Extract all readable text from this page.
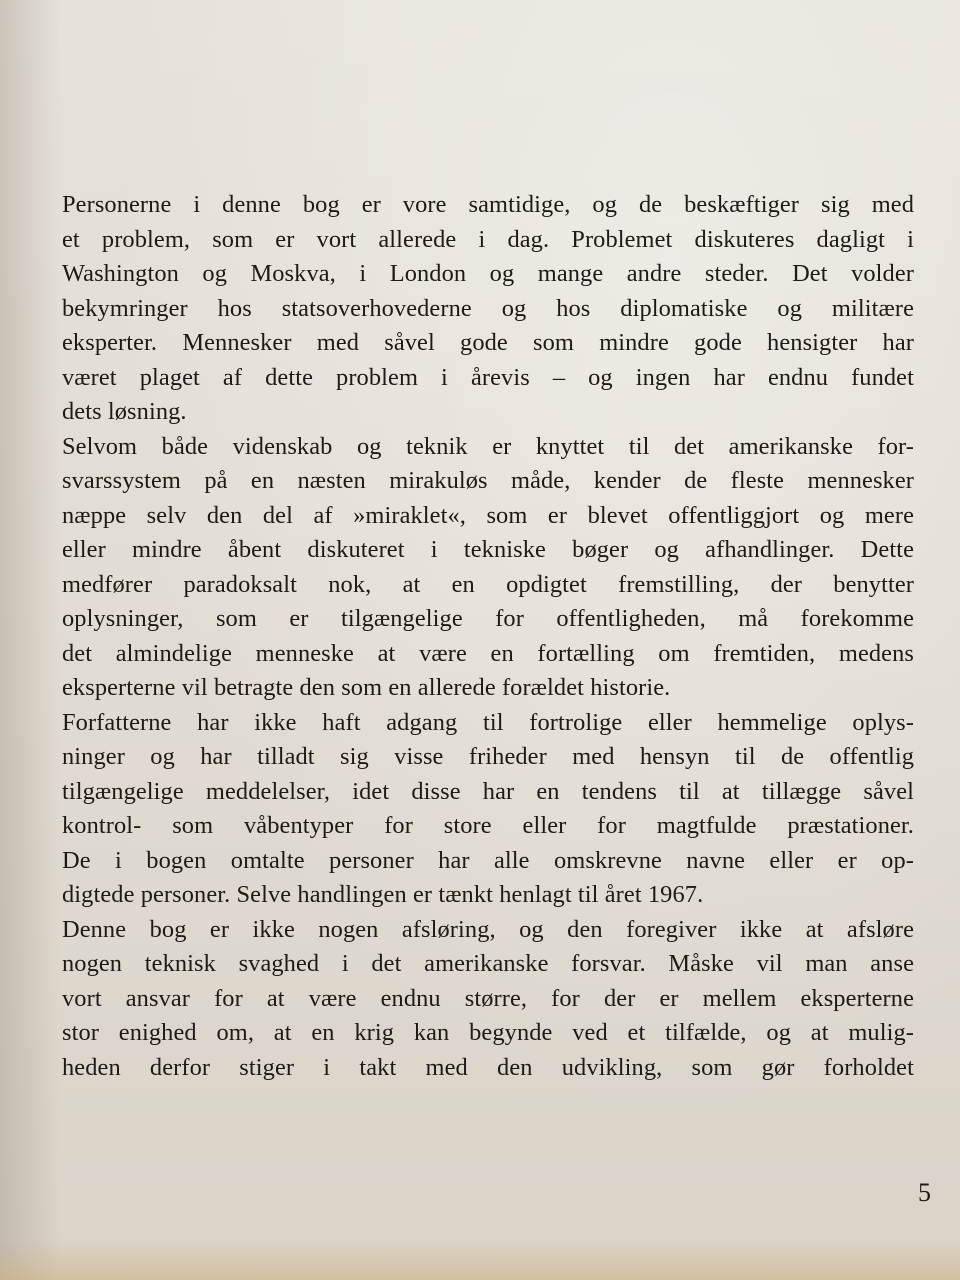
Personerne i denne bog er vore samtidige, og de beskæftiger sig med
et problem, som er vort allerede i dag. Problemet diskuteres dagligt i
Washington og Moskva, i London og mange andre steder. Det volder
bekymringer hos statsoverhovederne og hos diplomatiske og militære
eksperter. Mennesker med såvel gode som mindre gode hensigter har
været plaget af dette problem i årevis – og ingen har endnu fundet
dets løsning.
Selvom både videnskab og teknik er knyttet til det amerikanske for-
svarssystem på en næsten mirakuløs måde, kender de fleste mennesker
næppe selv den del af »miraklet«, som er blevet offentliggjort og mere
eller mindre åbent diskuteret i tekniske bøger og afhandlinger. Dette
medfører paradoksalt nok, at en opdigtet fremstilling, der benytter
oplysninger, som er tilgængelige for offentligheden, må forekomme
det almindelige menneske at være en fortælling om fremtiden, medens
eksperterne vil betragte den som en allerede forældet historie.
Forfatterne har ikke haft adgang til fortrolige eller hemmelige oplys-
ninger og har tilladt sig visse friheder med hensyn til de offentlig
tilgængelige meddelelser, idet disse har en tendens til at tillægge såvel
kontrol- som våbentyper for store eller for magtfulde præstationer.
De i bogen omtalte personer har alle omskrevne navne eller er op-
digtede personer. Selve handlingen er tænkt henlagt til året 1967.
Denne bog er ikke nogen afsløring, og den foregiver ikke at afsløre
nogen teknisk svaghed i det amerikanske forsvar. Måske vil man anse
vort ansvar for at være endnu større, for der er mellem eksperterne
stor enighed om, at en krig kan begynde ved et tilfælde, og at mulig-
heden derfor stiger i takt med den udvikling, som gør forholdet
5
